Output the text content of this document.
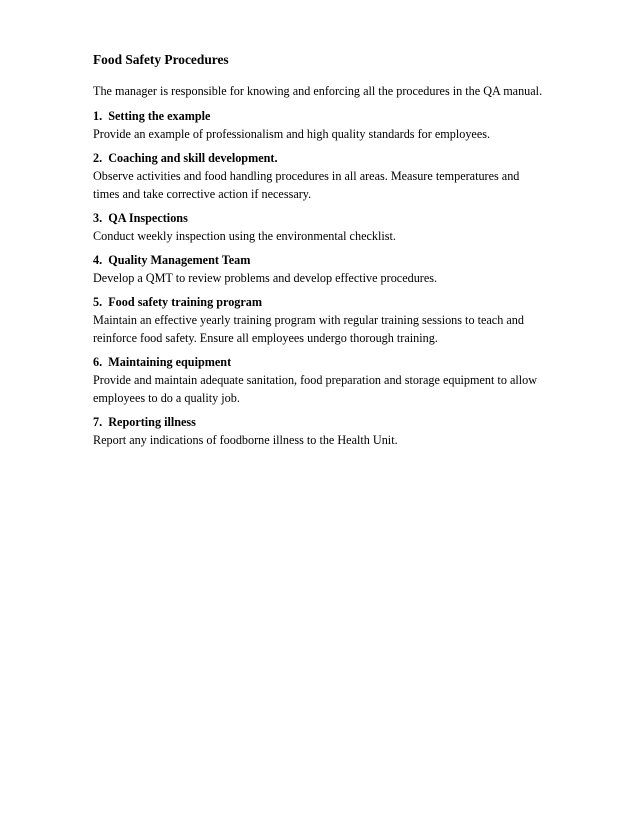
Food Safety Procedures

The manager is responsible for knowing and enforcing all the procedures in the QA manual.

1.  Setting the example

Provide an example of professionalism and high quality standards for employees.

2.  Coaching and skill development.

Observe activities and food handling procedures in all areas. Measure temperatures and times and take corrective action if necessary.

3.  QA Inspections

Conduct weekly inspection using the environmental checklist.

4.  Quality Management Team

Develop a QMT to review problems and develop effective procedures.

5.  Food safety training program

Maintain an effective yearly training program with regular training sessions to teach and reinforce food safety. Ensure all employees undergo thorough training.

6.  Maintaining equipment

Provide and maintain adequate sanitation, food preparation and storage equipment to allow employees to do a quality job.

7.  Reporting illness

Report any indications of foodborne illness to the Health Unit.
